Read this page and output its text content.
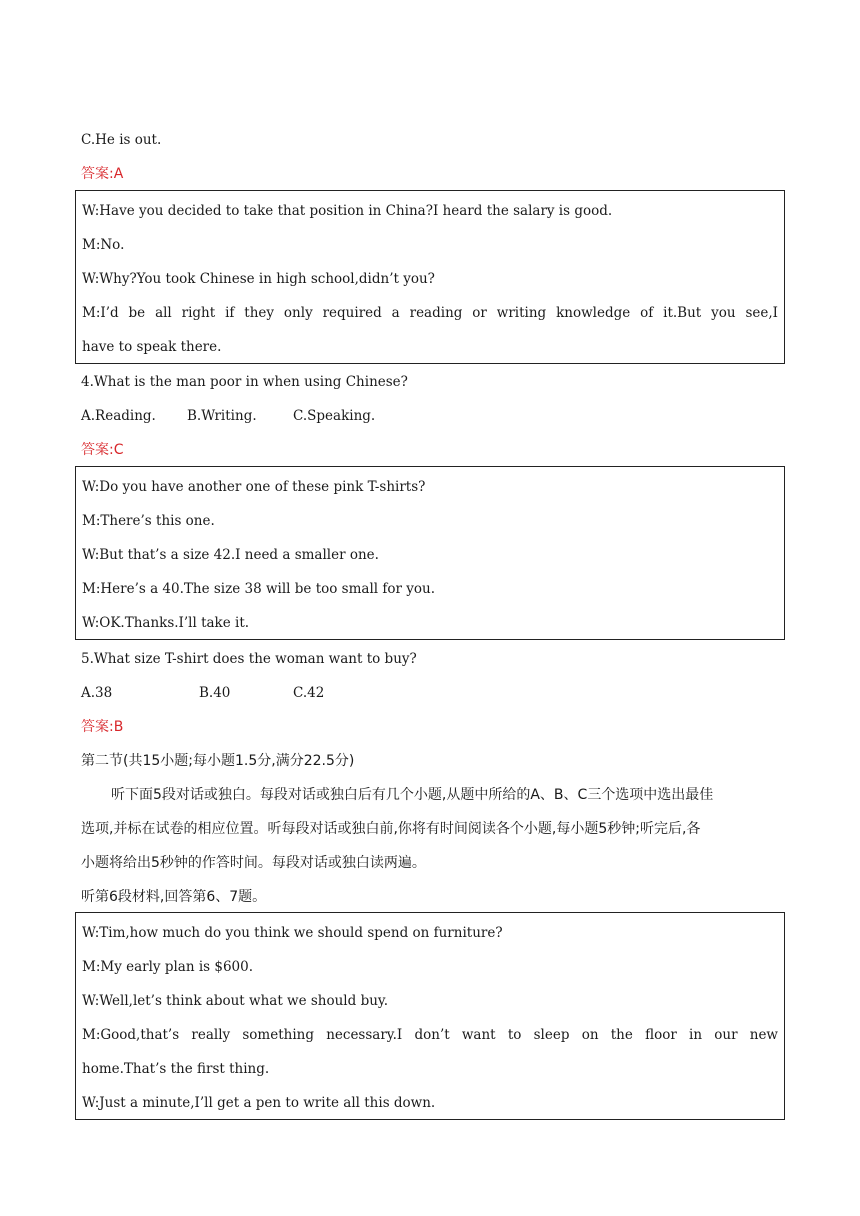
C.He is out.
答案:A
W:Have you decided to take that position in China?I heard the salary is good.
M:No.
W:Why?You took Chinese in high school,didn’t you?
M:I’d be all right if they only required a reading or writing knowledge of it.But you see,I
have to speak there.
4.What is the man poor in when using Chinese?
A.Reading. B.Writing.	C.Speaking.
答案:C
W:Do you have another one of these pink T-shirts?
M:There’s this one.
W:But that’s a size 42.I need a smaller one.
M:Here’s a 40.The size 38 will be too small for you.
W:OK.Thanks.I’ll take it.
5.What size T-shirt does the woman want to buy?
A.38	B.40	C.42
答案:B
第二节(共15小题;每小题1.5分,满分22.5分)
听下面5段对话或独白。每段对话或独白后有几个小题,从题中所给的A、B、C三个选项中选出最佳
选项,并标在试卷的相应位置。听每段对话或独白前,你将有时间阅读各个小题,每小题5秒钟;听完后,各
小题将给出5秒钟的作答时间。每段对话或独白读两遍。
听第6段材料,回答第6、7题。
W:Tim,how much do you think we should spend on furniture?
M:My early plan is $600.
W:Well,let’s think about what we should buy.
M:Good,that’s really something necessary.I don’t want to sleep on the floor in our new
home.That’s the first thing.
W:Just a minute,I’ll get a pen to write all this down.
